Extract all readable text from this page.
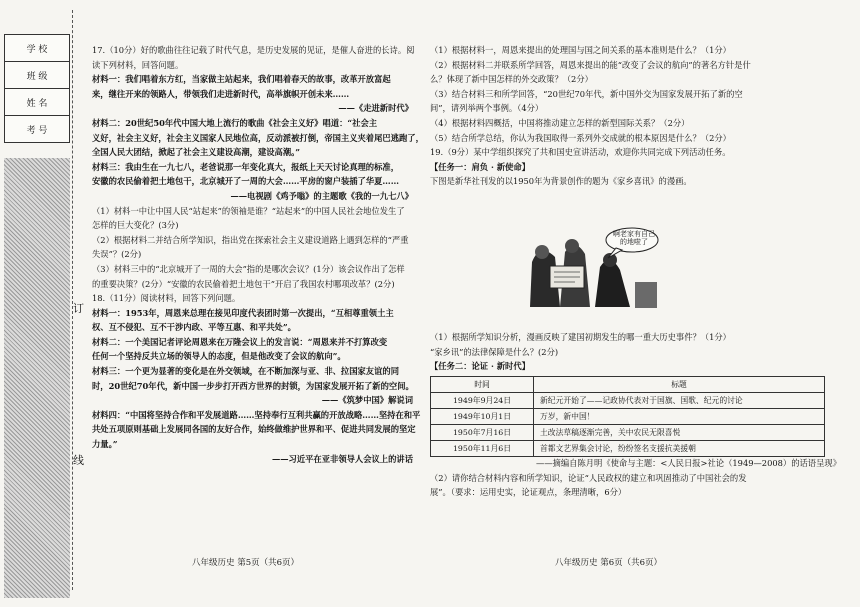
学 校
班 级
姓 名
考 号
订
线

17.（10分）好的歌曲往往记载了时代气息，是历史发展的见证，是催人奋进的长诗。阅

读下列材料，回答问题。

材料一：我们唱着东方红，当家做主站起来，我们唱着春天的故事，改革开放富起

来，继往开来的领路人，带领我们走进新时代，高举旗帜开创未来……

——《走进新时代》

材料二：20世纪50年代中国大地上流行的歌曲《社会主义好》唱道：“社会主

义好，社会主义好，社会主义国家人民地位高，反动派被打倒，帝国主义夹着尾巴逃跑了，

全国人民大团结，掀起了社会主义建设高潮，建设高潮。”

材料三：我由生在一九七八，老爸说那一年变化真大，报纸上天天讨论真理的标准，

安徽的农民偷着把土地包干，北京城开了一周的大会……平房的窗户装插了华夏……

——电视剧《鸡予嗡》的主题歌《我的一九七八》

（1）材料一中让中国人民“站起来”的领袖是谁？“站起来”的中国人民社会地位发生了

怎样的巨大变化？(3分)

（2）根据材料二并结合所学知识，指出党在探索社会主义建设道路上遇到怎样的“严重

失误”？(2分)

（3）材料三中的“北京城开了一周的大会”指的是哪次会议？(1分）该会议作出了怎样

的重要决策？(2分）“安徽的农民偷着把土地包干”开启了我国农村哪项改革？(2分)

18.（11分）阅读材料，回答下列问题。

材料一：1953年，周恩来总理在接见印度代表团时第一次提出，“互相尊重领土主

权、互不侵犯、互不干涉内政、平等互惠、和平共处”。

材料二：一个美国记者评论周恩来在万隆会议上的发言说：“周恩来并不打算改变

任何一个坚持反共立场的领导人的态度，但是他改变了会议的航向”。

材料三：一个更为显著的变化是在外交领域，在不断加深与亚、非、拉国家友谊的同

时，20世纪70年代，新中国一步步打开西方世界的封锁，为国家发展开拓了新的空间。

——《筑梦中国》解说词

材料四：“中国将坚持合作和平发展道路……坚持奉行互利共赢的开放战略……坚持在和平

共处五项原则基础上发展同各国的友好合作，始终做维护世界和平、促进共同发展的坚定

力量。”

——习近平在亚非领导人会议上的讲话

八年级历史 第5页（共6页）

（1）根据材料一，周恩来提出的处理国与国之间关系的基本准则是什么？（1分）

（2）根据材料二并联系所学回答，周恩来提出的能“改变了会议的航向”的著名方针是什

么？体现了新中国怎样的外交政策？（2分）

（3）结合材料三和所学回答，“20世纪70年代，新中国外交为国家发展开拓了新的空

间”，请列举两个事例。（4分）

（4）根据材料四概括，中国将推动建立怎样的新型国际关系？（2分）

（5）结合所学总结，你认为我国取得一系列外交成就的根本原因是什么？（2分）

19.（9分）某中学组织探究了共和国史宣讲活动，欢迎你共同完成下列活动任务。

【任务一：肩负 · 新使命】

下图是新华社刊发的以1950年为背景创作的题为《家乡喜讯》的漫画。

啊老家有自己的地啦了

（1）根据所学知识分析，漫画反映了建国初期发生的哪一重大历史事件？（1分）

“家乡讯”的法律保障是什么？(2分)

【任务二：论证 · 新时代】

时间	标题
1949年9月24日	新纪元开始了——记政协代表对于国旗、国歌、纪元的讨论
1949年10月1日	万岁，新中国！
1950年7月16日	土改法草稿逐渐完善，关中农民无限喜悦
1950年11月6日	首都文艺界集会讨论，纷纷签名支援抗美援朝

——摘编自陈月明《使命与主题：<人民日报>社论（1949—2008）的话语呈现》

（2）请你结合材料内容和所学知识，论证“人民政权的建立和巩固推动了中国社会的发

展”。（要求：运用史实，论证观点，条理清晰，6分）

八年级历史 第6页（共6页）
